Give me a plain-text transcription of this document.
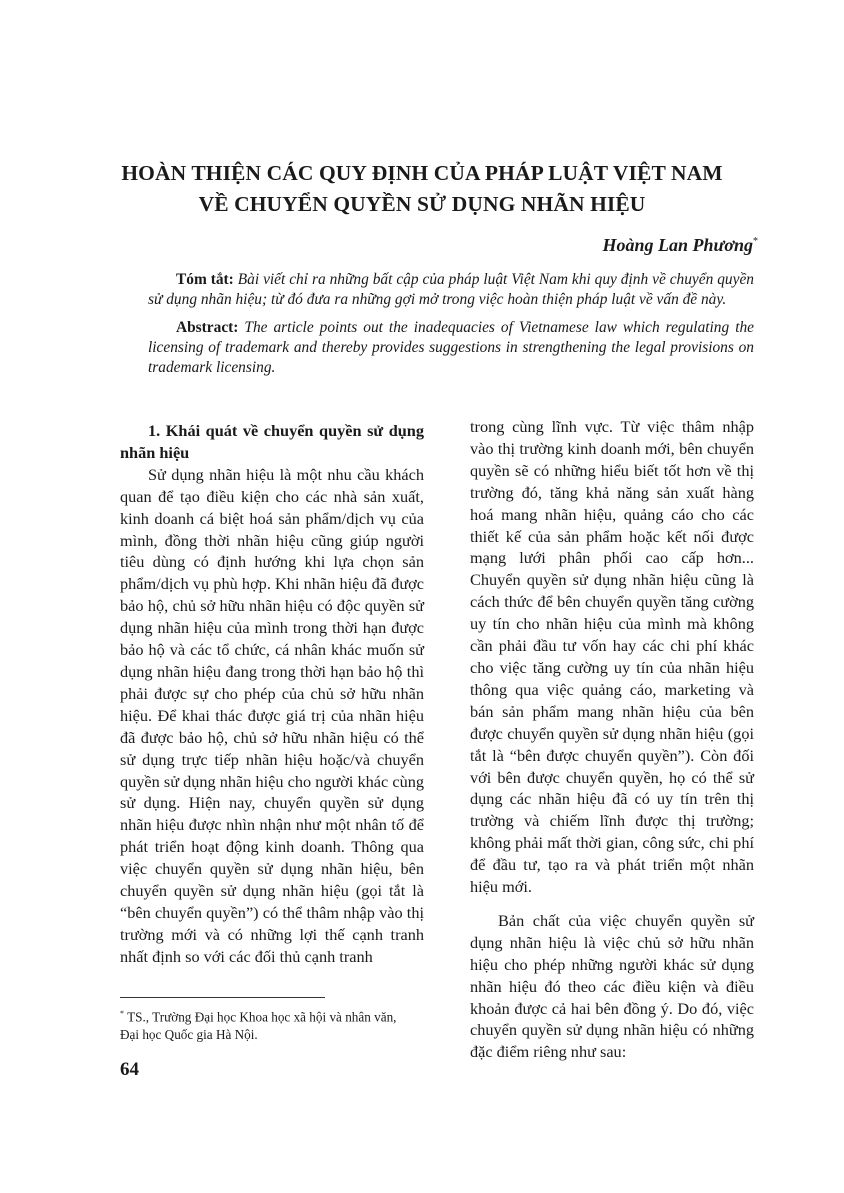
HOÀN THIỆN CÁC QUY ĐỊNH CỦA PHÁP LUẬT VIỆT NAM
VỀ CHUYỂN QUYỀN SỬ DỤNG NHÃN HIỆU
Hoàng Lan Phương*

Tóm tắt: Bài viết chỉ ra những bất cập của pháp luật Việt Nam khi quy định về chuyển quyền sử dụng nhãn hiệu; từ đó đưa ra những gợi mở trong việc hoàn thiện pháp luật về vấn đề này.

Abstract: The article points out the inadequacies of Vietnamese law which regulating the licensing of trademark and thereby provides suggestions in strengthening the legal provisions on trademark licensing.

1. Khái quát về chuyển quyền sử dụng nhãn hiệu

Sử dụng nhãn hiệu là một nhu cầu khách quan để tạo điều kiện cho các nhà sản xuất, kinh doanh cá biệt hoá sản phẩm/dịch vụ của mình, đồng thời nhãn hiệu cũng giúp người tiêu dùng có định hướng khi lựa chọn sản phẩm/dịch vụ phù hợp. Khi nhãn hiệu đã được bảo hộ, chủ sở hữu nhãn hiệu có độc quyền sử dụng nhãn hiệu của mình trong thời hạn được bảo hộ và các tổ chức, cá nhân khác muốn sử dụng nhãn hiệu đang trong thời hạn bảo hộ thì phải được sự cho phép của chủ sở hữu nhãn hiệu. Để khai thác được giá trị của nhãn hiệu đã được bảo hộ, chủ sở hữu nhãn hiệu có thể sử dụng trực tiếp nhãn hiệu hoặc/và chuyển quyền sử dụng nhãn hiệu cho người khác cùng sử dụng. Hiện nay, chuyển quyền sử dụng nhãn hiệu được nhìn nhận như một nhân tố để phát triển hoạt động kinh doanh. Thông qua việc chuyển quyền sử dụng nhãn hiệu, bên chuyển quyền sử dụng nhãn hiệu (gọi tắt là “bên chuyển quyền”) có thể thâm nhập vào thị trường mới và có những lợi thế cạnh tranh nhất định so với các đối thủ cạnh tranh

trong cùng lĩnh vực. Từ việc thâm nhập vào thị trường kinh doanh mới, bên chuyển quyền sẽ có những hiểu biết tốt hơn về thị trường đó, tăng khả năng sản xuất hàng hoá mang nhãn hiệu, quảng cáo cho các thiết kế của sản phẩm hoặc kết nối được mạng lưới phân phối cao cấp hơn... Chuyển quyền sử dụng nhãn hiệu cũng là cách thức để bên chuyển quyền tăng cường uy tín cho nhãn hiệu của mình mà không cần phải đầu tư vốn hay các chi phí khác cho việc tăng cường uy tín của nhãn hiệu thông qua việc quảng cáo, marketing và bán sản phẩm mang nhãn hiệu của bên được chuyển quyền sử dụng nhãn hiệu (gọi tắt là “bên được chuyển quyền”). Còn đối với bên được chuyển quyền, họ có thể sử dụng các nhãn hiệu đã có uy tín trên thị trường và chiếm lĩnh được thị trường; không phải mất thời gian, công sức, chi phí để đầu tư, tạo ra và phát triển một nhãn hiệu mới.

Bản chất của việc chuyển quyền sử dụng nhãn hiệu là việc chủ sở hữu nhãn hiệu cho phép những người khác sử dụng nhãn hiệu đó theo các điều kiện và điều khoản được cả hai bên đồng ý. Do đó, việc chuyển quyền sử dụng nhãn hiệu có những đặc điểm riêng như sau:

* TS., Trường Đại học Khoa học xã hội và nhân văn,
Đại học Quốc gia Hà Nội.
64
